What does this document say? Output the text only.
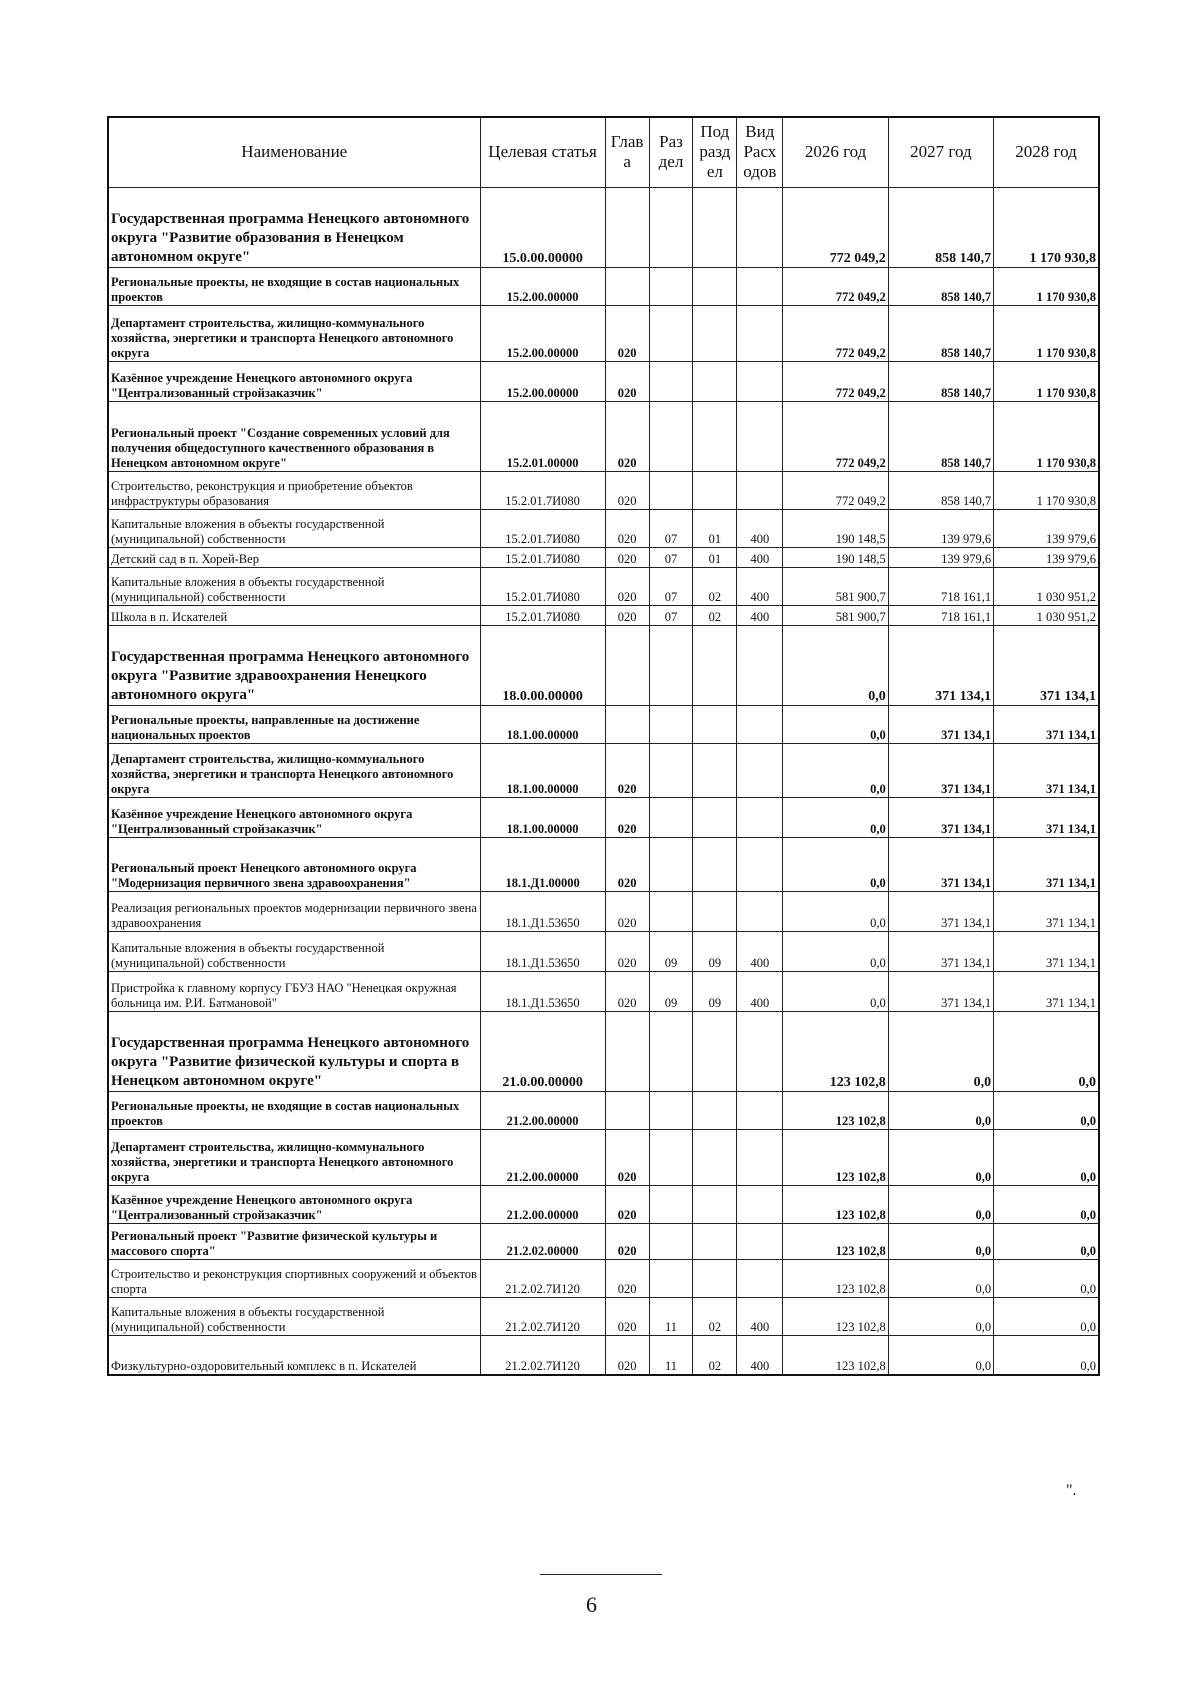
Наименование	Целевая статья	Глав а	Раз дел	Под разд ел	Вид Расх одов	2026 год	2027 год	2028 год
Государственная программа Ненецкого автономного округа "Развитие образования в Ненецком автономном округе"	15.0.00.00000					772 049,2	858 140,7	1 170 930,8
Региональные проекты, не входящие в состав национальных проектов	15.2.00.00000					772 049,2	858 140,7	1 170 930,8
Департамент строительства, жилищно-коммунального хозяйства, энергетики и транспорта Ненецкого автономного округа	15.2.00.00000	020				772 049,2	858 140,7	1 170 930,8
Казённое учреждение Ненецкого автономного округа "Централизованный стройзаказчик"	15.2.00.00000	020				772 049,2	858 140,7	1 170 930,8
Региональный проект "Создание современных условий для получения общедоступного качественного образования в Ненецком автономном округе"	15.2.01.00000	020				772 049,2	858 140,7	1 170 930,8
Строительство, реконструкция и приобретение объектов инфраструктуры образования	15.2.01.7И080	020				772 049,2	858 140,7	1 170 930,8
Капитальные вложения в объекты государственной (муниципальной) собственности	15.2.01.7И080	020	07	01	400	190 148,5	139 979,6	139 979,6
Детский сад в п. Хорей-Вер	15.2.01.7И080	020	07	01	400	190 148,5	139 979,6	139 979,6
Капитальные вложения в объекты государственной (муниципальной) собственности	15.2.01.7И080	020	07	02	400	581 900,7	718 161,1	1 030 951,2
Школа в п. Искателей	15.2.01.7И080	020	07	02	400	581 900,7	718 161,1	1 030 951,2
Государственная программа Ненецкого автономного округа "Развитие здравоохранения Ненецкого автономного округа"	18.0.00.00000					0,0	371 134,1	371 134,1
Региональные проекты, направленные на достижение национальных проектов	18.1.00.00000					0,0	371 134,1	371 134,1
Департамент строительства, жилищно-коммунального хозяйства, энергетики и транспорта Ненецкого автономного округа	18.1.00.00000	020				0,0	371 134,1	371 134,1
Казённое учреждение Ненецкого автономного округа "Централизованный стройзаказчик"	18.1.00.00000	020				0,0	371 134,1	371 134,1
Региональный проект Ненецкого автономного округа "Модернизация первичного звена здравоохранения"	18.1.Д1.00000	020				0,0	371 134,1	371 134,1
Реализация региональных проектов модернизации первичного звена здравоохранения	18.1.Д1.53650	020				0,0	371 134,1	371 134,1
Капитальные вложения в объекты государственной (муниципальной) собственности	18.1.Д1.53650	020	09	09	400	0,0	371 134,1	371 134,1
Пристройка к главному корпусу ГБУЗ НАО "Ненецкая окружная больница им. Р.И. Батмановой"	18.1.Д1.53650	020	09	09	400	0,0	371 134,1	371 134,1
Государственная программа Ненецкого автономного округа "Развитие физической культуры и спорта в Ненецком автономном округе"	21.0.00.00000					123 102,8	0,0	0,0
Региональные проекты, не входящие в состав национальных проектов	21.2.00.00000					123 102,8	0,0	0,0
Департамент строительства, жилищно-коммунального хозяйства, энергетики и транспорта Ненецкого автономного округа	21.2.00.00000	020				123 102,8	0,0	0,0
Казённое учреждение Ненецкого автономного округа "Централизованный стройзаказчик"	21.2.00.00000	020				123 102,8	0,0	0,0
Региональный проект "Развитие физической культуры и массового спорта"	21.2.02.00000	020				123 102,8	0,0	0,0
Строительство и реконструкция спортивных сооружений и объектов спорта	21.2.02.7И120	020				123 102,8	0,0	0,0
Капитальные вложения в объекты государственной (муниципальной) собственности	21.2.02.7И120	020	11	02	400	123 102,8	0,0	0,0
Физкультурно-оздоровительный комплекс в п. Искателей	21.2.02.7И120	020	11	02	400	123 102,8	0,0	0,0
".
6
